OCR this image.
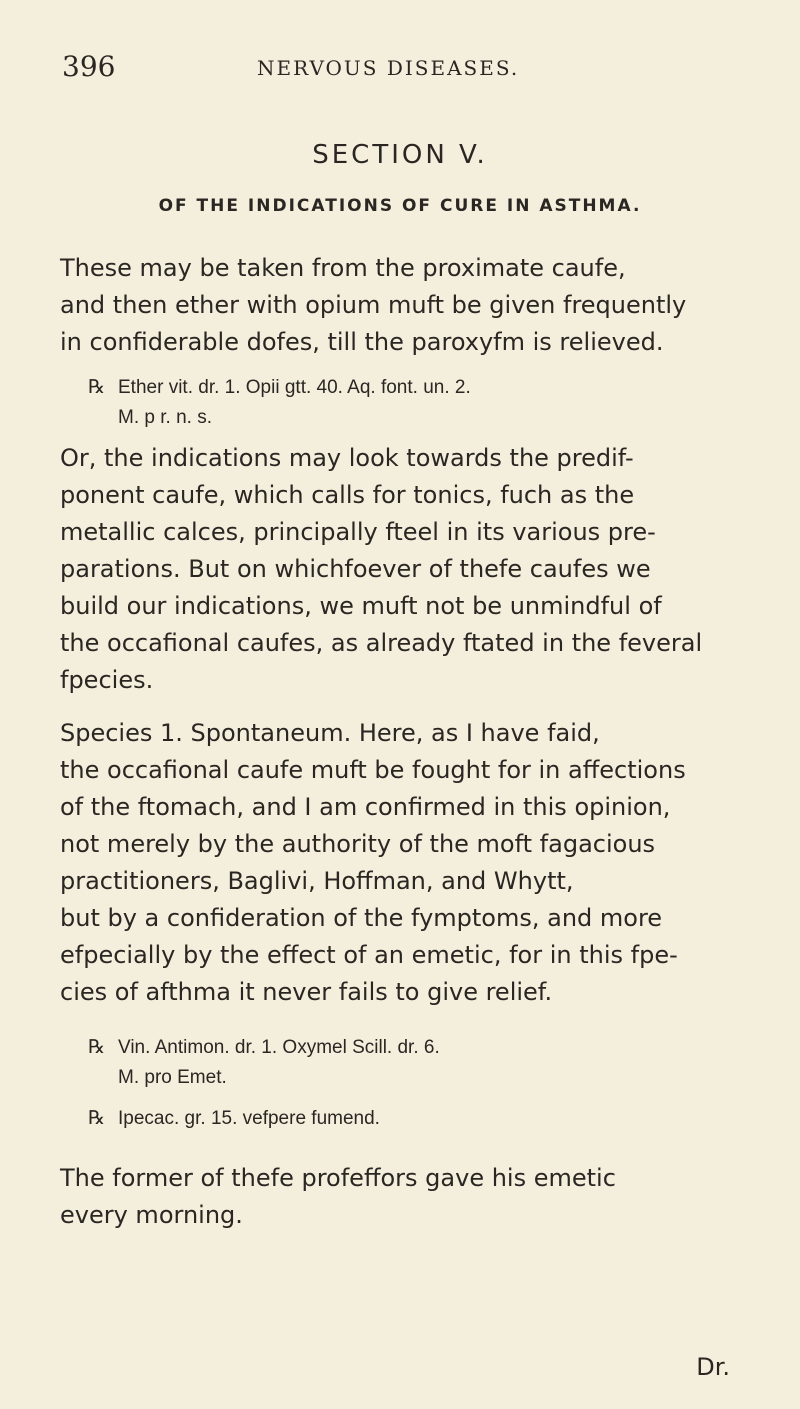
396	NERVOUS DISEASES.
SECTION V.
OF THE INDICATIONS OF CURE IN ASTHMA.
These may be taken from the proximate caufe,
and then ether with opium muft be given frequently
in confiderable dofes, till the paroxyfm is relieved.
℞ Ether vit. dr. 1. Opii gtt. 40. Aq. font. un. 2.
M. p r. n. s.
Or, the indications may look towards the predif-
ponent caufe, which calls for tonics, fuch as the
metallic calces, principally fteel in its various pre-
parations. But on whichfoever of thefe caufes we
build our indications, we muft not be unmindful of
the occafional caufes, as already ftated in the feveral
fpecies.
Species 1. Spontaneum. Here, as I have faid,
the occafional caufe muft be fought for in affections
of the ftomach, and I am confirmed in this opinion,
not merely by the authority of the moft fagacious
practitioners, Baglivi, Hoffman, and Whytt,
but by a confideration of the fymptoms, and more
efpecially by the effect of an emetic, for in this fpe-
cies of afthma it never fails to give relief.
℞ Vin. Antimon. dr. 1. Oxymel Scill. dr. 6.
M. pro Emet.
℞ Ipecac. gr. 15. vefpere fumend.
The former of thefe profeffors gave his emetic
every morning.
Dr.
